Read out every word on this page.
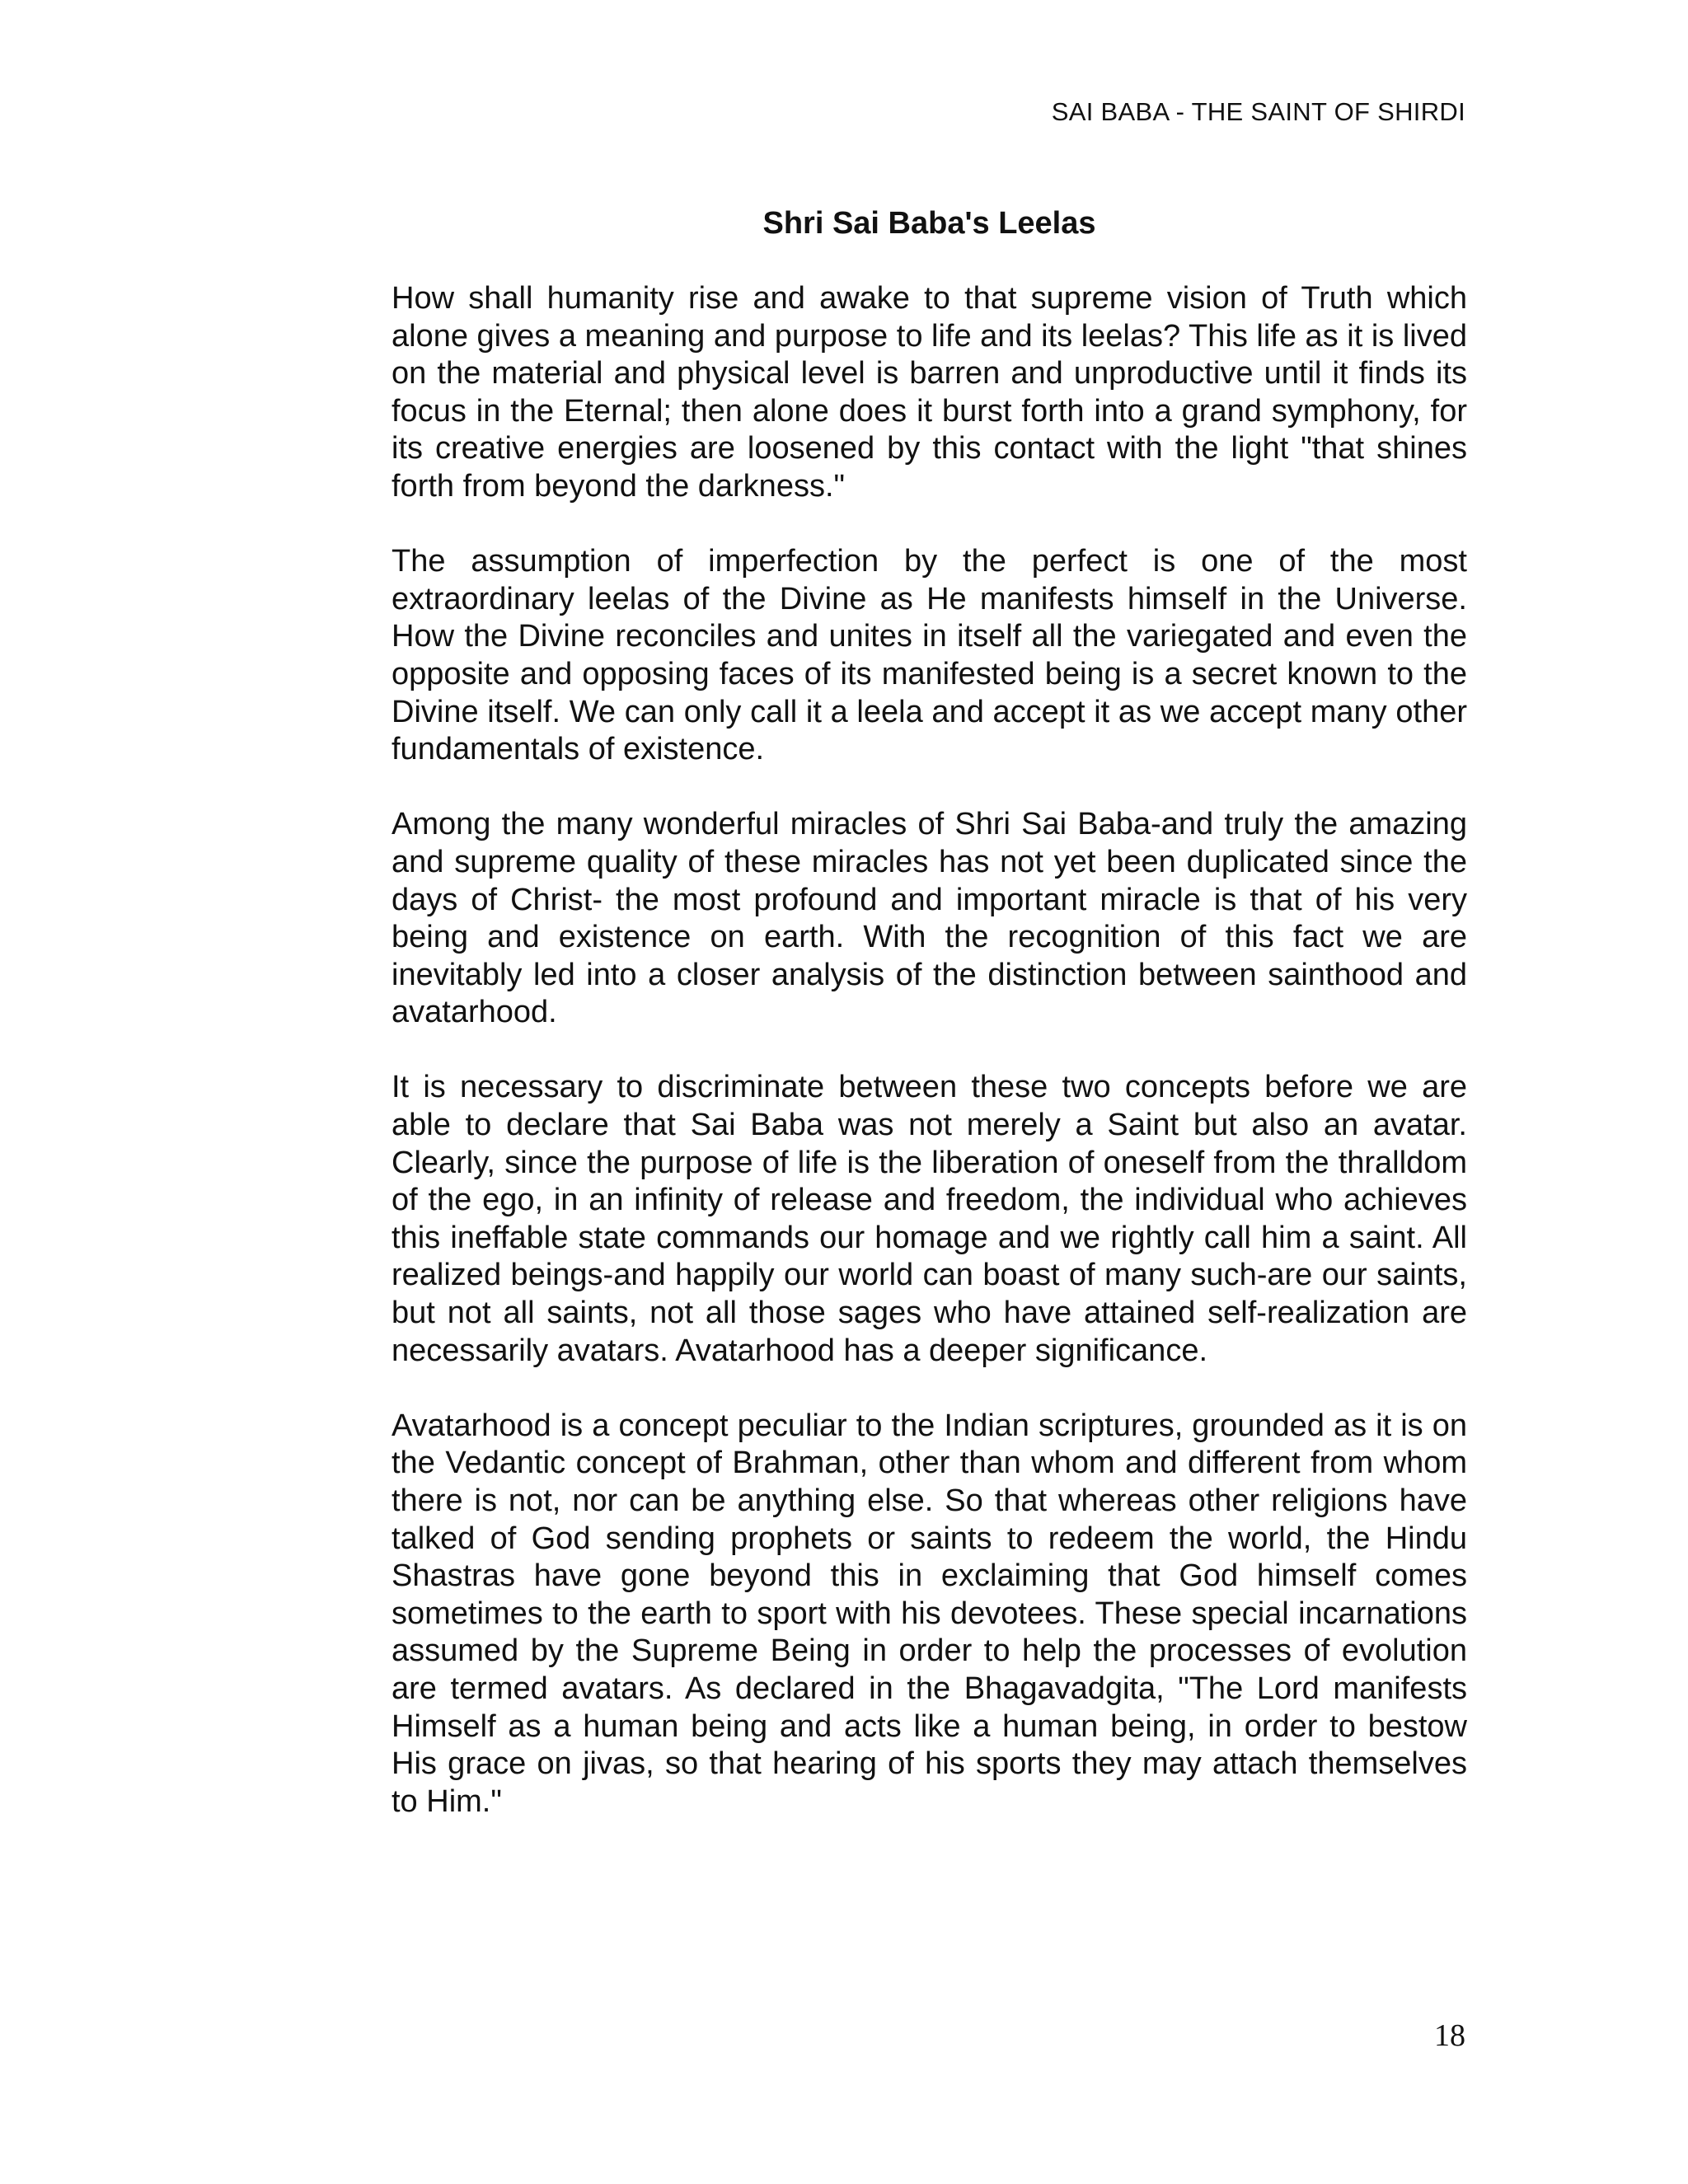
SAI BABA - THE SAINT OF SHIRDI
Shri Sai Baba's Leelas

How shall humanity rise and awake to that supreme vision of Truth which alone gives a meaning and purpose to life and its leelas? This life as it is lived on the material and physical level is barren and unproductive until it finds its focus in the Eternal; then alone does it burst forth into a grand symphony, for its creative energies are loosened by this contact with the light "that shines forth from beyond the darkness."

The assumption of imperfection by the perfect is one of the most extraordinary leelas of the Divine as He manifests himself in the Universe. How the Divine reconciles and unites in itself all the variegated and even the opposite and opposing faces of its manifested being is a secret known to the Divine itself. We can only call it a leela and accept it as we accept many other fundamentals of existence.

Among the many wonderful miracles of Shri Sai Baba-and truly the amazing and supreme quality of these miracles has not yet been duplicated since the days of Christ- the most profound and important miracle is that of his very being and existence on earth. With the recognition of this fact we are inevitably led into a closer analysis of the distinction between sainthood and avatarhood.

It is necessary to discriminate between these two concepts before we are able to declare that Sai Baba was not merely a Saint but also an avatar. Clearly, since the purpose of life is the liberation of oneself from the thralldom of the ego, in an infinity of release and freedom, the individual who achieves this ineffable state commands our homage and we rightly call him a saint. All realized beings-and happily our world can boast of many such-are our saints, but not all saints, not all those sages who have attained self-realization are necessarily avatars. Avatarhood has a deeper significance.

Avatarhood is a concept peculiar to the Indian scriptures, grounded as it is on the Vedantic concept of Brahman, other than whom and different from whom there is not, nor can be anything else. So that whereas other religions have talked of God sending prophets or saints to redeem the world, the Hindu Shastras have gone beyond this in exclaiming that God himself comes sometimes to the earth to sport with his devotees. These special incarnations assumed by the Supreme Being in order to help the processes of evolution are termed avatars. As declared in the Bhagavadgita, "The Lord manifests Himself as a human being and acts like a human being, in order to bestow His grace on jivas, so that hearing of his sports they may attach themselves to Him."

18
